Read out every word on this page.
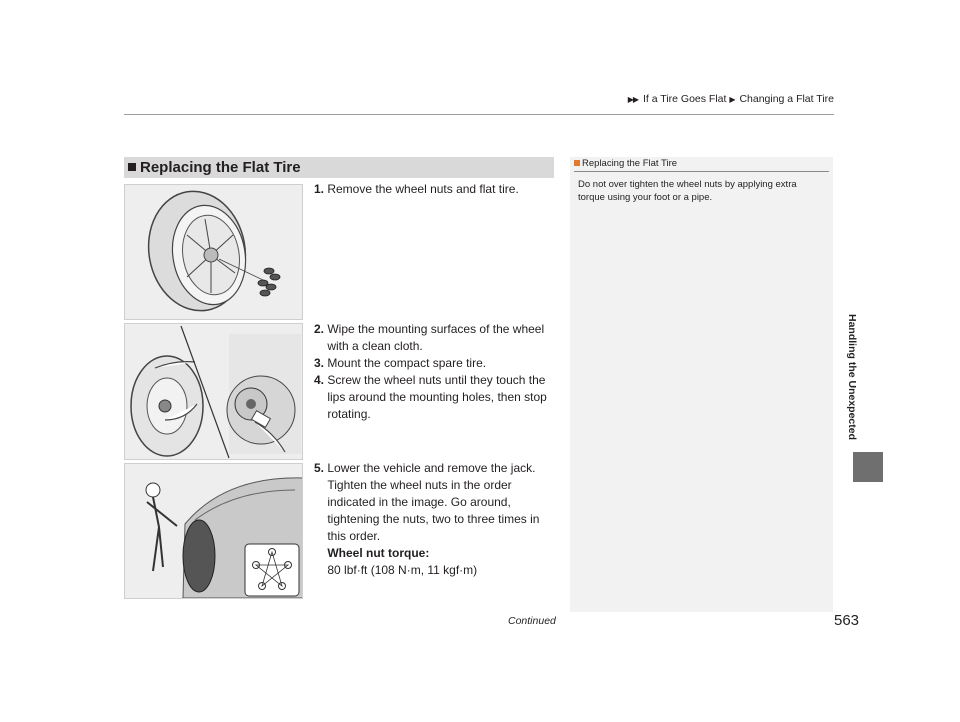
▶▶ If a Tire Goes Flat ▶ Changing a Flat Tire
Handling the Unexpected
Replacing the Flat Tire
1.
Remove the wheel nuts and flat tire.
2.
Wipe the mounting surfaces of the wheel with a clean cloth.
3.
Mount the compact spare tire.
4.
Screw the wheel nuts until they touch the lips around the mounting holes, then stop rotating.
5.
Lower the vehicle and remove the jack. Tighten the wheel nuts in the order indicated in the image. Go around, tightening the nuts, two to three times in this order.
Wheel nut torque:
80 lbf·ft (108 N·m, 11 kgf·m)
Replacing the Flat Tire
Do not over tighten the wheel nuts by applying extra torque using your foot or a pipe.
Continued	563
